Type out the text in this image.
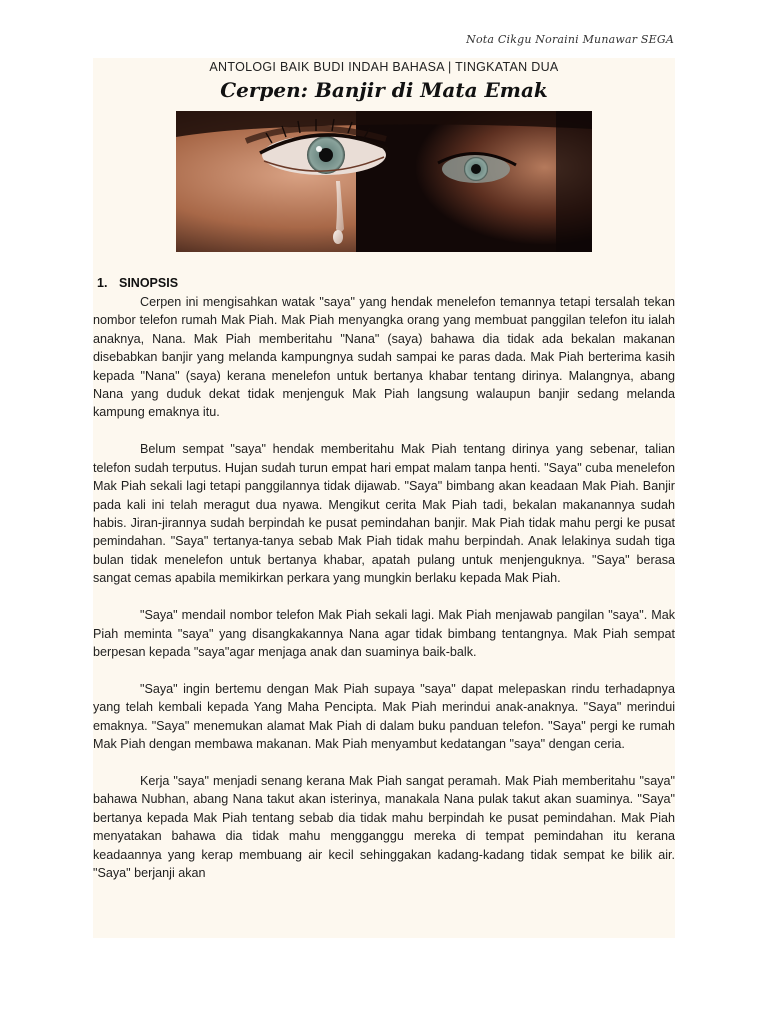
Nota Cikgu Noraini Munawar SEGA
ANTOLOGI BAIK BUDI INDAH BAHASA | TINGKATAN DUA
Cerpen: Banjir di Mata Emak
1. SINOPSIS

Cerpen ini mengisahkan watak "saya" yang hendak menelefon temannya tetapi tersalah tekan nombor telefon rumah Mak Piah. Mak Piah menyangka orang yang membuat panggilan telefon itu ialah anaknya, Nana. Mak Piah memberitahu "Nana" (saya) bahawa dia tidak ada bekalan makanan disebabkan banjir yang melanda kampungnya sudah sampai ke paras dada. Mak Piah berterima kasih kepada "Nana" (saya) kerana menelefon untuk bertanya khabar tentang dirinya. Malangnya, abang Nana yang duduk dekat tidak menjenguk Mak Piah langsung walaupun banjir sedang melanda kampung emaknya itu.

Belum sempat "saya" hendak memberitahu Mak Piah tentang dirinya yang sebenar, talian telefon sudah terputus. Hujan sudah turun empat hari empat malam tanpa henti. "Saya" cuba menelefon Mak Piah sekali lagi tetapi panggilannya tidak dijawab. "Saya" bimbang akan keadaan Mak Piah. Banjir pada kali ini telah meragut dua nyawa. Mengikut cerita Mak Piah tadi, bekalan makanannya sudah habis. Jiran-jirannya sudah berpindah ke pusat pemindahan banjir. Mak Piah tidak mahu pergi ke pusat pemindahan. "Saya" tertanya-tanya sebab Mak Piah tidak mahu berpindah. Anak lelakinya sudah tiga bulan tidak menelefon untuk bertanya khabar, apatah pulang untuk menjenguknya. "Saya" berasa sangat cemas apabila memikirkan perkara yang mungkin berlaku kepada Mak Piah.

"Saya" mendail nombor telefon Mak Piah sekali lagi. Mak Piah menjawab pangilan "saya". Mak Piah meminta "saya" yang disangkakannya Nana agar tidak bimbang tentangnya. Mak Piah sempat berpesan kepada "saya"agar menjaga anak dan suaminya baik-balk.

"Saya" ingin bertemu dengan Mak Piah supaya "saya" dapat melepaskan rindu terhadapnya yang telah kembali kepada Yang Maha Pencipta. Mak Piah merindui anak-anaknya. "Saya" merindui emaknya. "Saya" menemukan alamat Mak Piah di dalam buku panduan telefon. "Saya" pergi ke rumah Mak Piah dengan membawa makanan. Mak Piah menyambut kedatangan "saya" dengan ceria.

Kerja "saya" menjadi senang kerana Mak Piah sangat peramah. Mak Piah memberitahu "saya" bahawa Nubhan, abang Nana takut akan isterinya, manakala Nana pulak takut akan suaminya. "Saya" bertanya kepada Mak Piah tentang sebab dia tidak mahu berpindah ke pusat pemindahan. Mak Piah menyatakan bahawa dia tidak mahu mengganggu mereka di tempat pemindahan itu kerana keadaannya yang kerap membuang air kecil sehinggakan kadang-kadang tidak sempat ke bilik air. "Saya" berjanji akan
